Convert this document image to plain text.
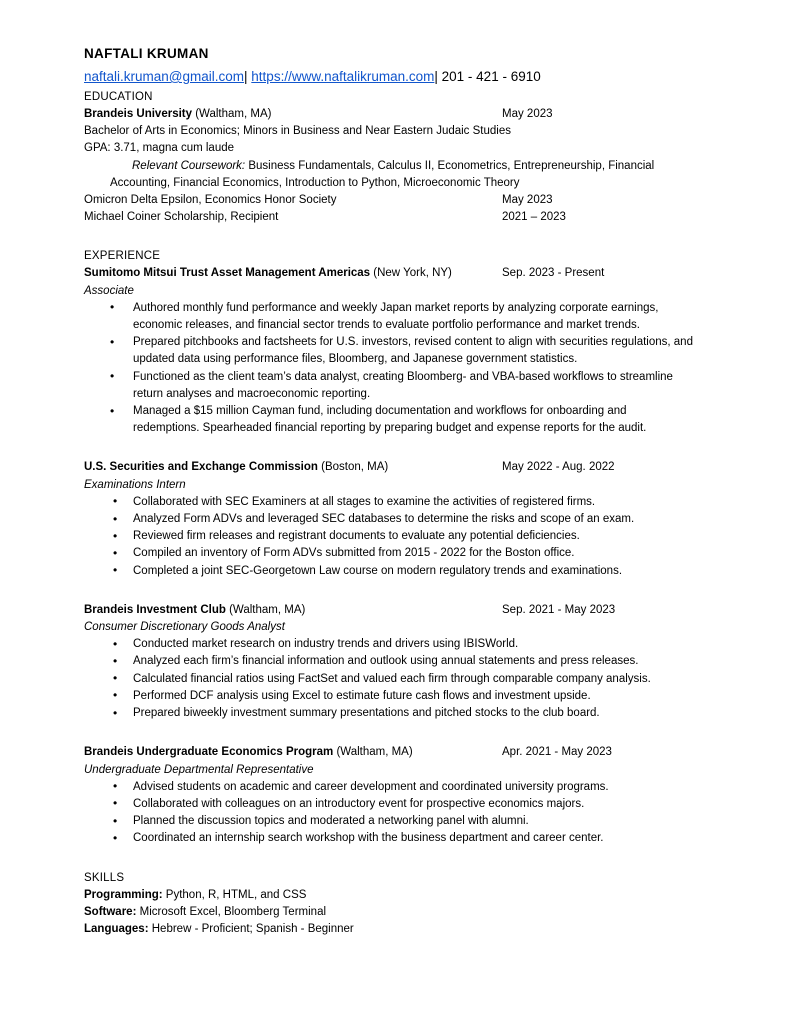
NAFTALI KRUMAN
naftali.kruman@gmail.com| https://www.naftalikruman.com| 201 - 421 - 6910
EDUCATION
Brandeis University (Waltham, MA)	May 2023
Bachelor of Arts in Economics; Minors in Business and Near Eastern Judaic Studies
GPA: 3.71, magna cum laude
Relevant Coursework: Business Fundamentals, Calculus II, Econometrics, Entrepreneurship, Financial Accounting, Financial Economics, Introduction to Python, Microeconomic Theory
Omicron Delta Epsilon, Economics Honor Society	May 2023
Michael Coiner Scholarship, Recipient	2021 – 2023
EXPERIENCE
Sumitomo Mitsui Trust Asset Management Americas (New York, NY)	Sep. 2023 - Present
Associate
• Authored monthly fund performance and weekly Japan market reports by analyzing corporate earnings, economic releases, and financial sector trends to evaluate portfolio performance and market trends.
• Prepared pitchbooks and factsheets for U.S. investors, revised content to align with securities regulations, and updated data using performance files, Bloomberg, and Japanese government statistics.
• Functioned as the client team’s data analyst, creating Bloomberg- and VBA-based workflows to streamline return analyses and macroeconomic reporting.
• Managed a $15 million Cayman fund, including documentation and workflows for onboarding and redemptions. Spearheaded financial reporting by preparing budget and expense reports for the audit.
U.S. Securities and Exchange Commission (Boston, MA)	May 2022 - Aug. 2022
Examinations Intern
• Collaborated with SEC Examiners at all stages to examine the activities of registered firms.
• Analyzed Form ADVs and leveraged SEC databases to determine the risks and scope of an exam.
• Reviewed firm releases and registrant documents to evaluate any potential deficiencies.
• Compiled an inventory of Form ADVs submitted from 2015 - 2022 for the Boston office.
• Completed a joint SEC-Georgetown Law course on modern regulatory trends and examinations.
Brandeis Investment Club (Waltham, MA)	Sep. 2021 - May 2023
Consumer Discretionary Goods Analyst
• Conducted market research on industry trends and drivers using IBISWorld.
• Analyzed each firm’s financial information and outlook using annual statements and press releases.
• Calculated financial ratios using FactSet and valued each firm through comparable company analysis.
• Performed DCF analysis using Excel to estimate future cash flows and investment upside.
• Prepared biweekly investment summary presentations and pitched stocks to the club board.
Brandeis Undergraduate Economics Program (Waltham, MA)	Apr. 2021 - May 2023
Undergraduate Departmental Representative
• Advised students on academic and career development and coordinated university programs.
• Collaborated with colleagues on an introductory event for prospective economics majors.
• Planned the discussion topics and moderated a networking panel with alumni.
• Coordinated an internship search workshop with the business department and career center.
SKILLS
Programming: Python, R, HTML, and CSS
Software: Microsoft Excel, Bloomberg Terminal
Languages: Hebrew - Proficient; Spanish - Beginner
